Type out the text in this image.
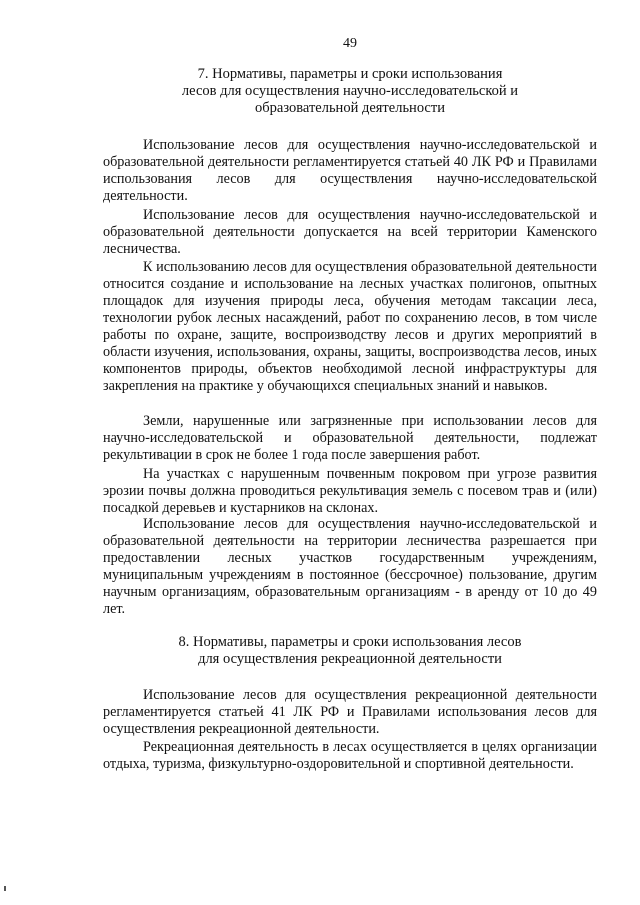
49
7. Нормативы, параметры и сроки использования
лесов для осуществления научно-исследовательской и
образовательной деятельности

Использование лесов для осуществления научно-исследовательской и образовательной деятельности регламентируется статьей 40 ЛК РФ и Правилами использования лесов для осуществления научно-исследовательской деятельности.

Использование лесов для осуществления научно-исследовательской и образовательной деятельности допускается на всей территории Каменского лесничества.

К использованию лесов для осуществления образовательной деятельности относится создание и использование на лесных участках полигонов, опытных площадок для изучения природы леса, обучения методам таксации леса, технологии рубок лесных насаждений, работ по сохранению лесов, в том числе работы по охране, защите, воспроизводству лесов и других мероприятий в области изучения, использования, охраны, защиты, воспроизводства лесов, иных компонентов природы, объектов необходимой лесной инфраструктуры для закрепления на практике у обучающихся специальных знаний и навыков.

Земли, нарушенные или загрязненные при использовании лесов для научно-исследовательской и образовательной деятельности, подлежат рекультивации в срок не более 1 года после завершения работ.

На участках с нарушенным почвенным покровом при угрозе развития эрозии почвы должна проводиться рекультивация земель с посевом трав и (или) посадкой деревьев и кустарников на склонах.

Использование лесов для осуществления научно-исследовательской и образовательной деятельности на территории лесничества разрешается при предоставлении лесных участков государственным учреждениям, муниципальным учреждениям в постоянное (бессрочное) пользование, другим научным организациям, образовательным организациям - в аренду от 10 до 49 лет.

8. Нормативы, параметры и сроки использования лесов
для осуществления рекреационной деятельности

Использование лесов для осуществления рекреационной деятельности регламентируется статьей 41 ЛК РФ и Правилами использования лесов для осуществления рекреационной деятельности.

Рекреационная деятельность в лесах осуществляется в целях организации отдыха, туризма, физкультурно-оздоровительной и спортивной деятельности.
